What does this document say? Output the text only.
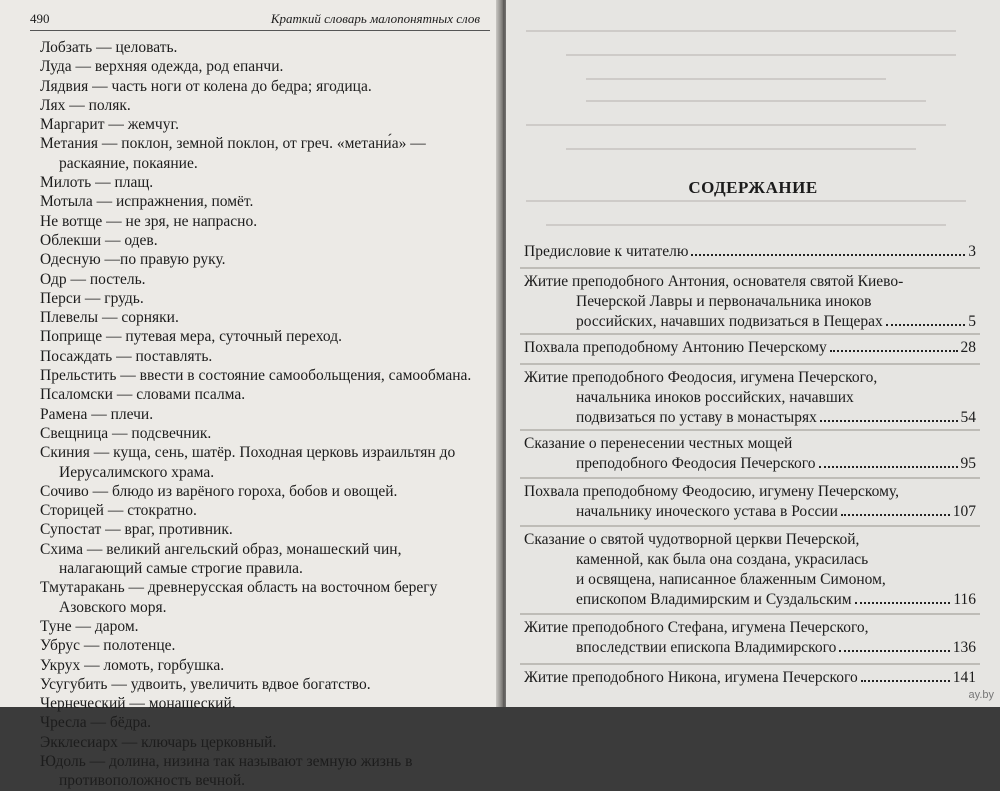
490	Краткий словарь малопонятных слов

Лобзать — целовать.

Луда — верхняя одежда, род епанчи.

Лядвия — часть ноги от колена до бедра; ягодица.

Лях — поляк.

Маргарит — жемчуг.

Метания — поклон, земной поклон, от греч. «метани́а» — раскаяние, покаяние.

Милоть — плащ.

Мотыла — испражнения, помёт.

Не вотще — не зря, не напрасно.

Облекши — одев.

Одесную —по правую руку.

Одр — постель.

Перси — грудь.

Плевелы — сорняки.

Поприще — путевая мера, суточный переход.

Посаждать — поставлять.

Прельстить — ввести в состояние самообольщения, самообмана.

Псаломски — словами псалма.

Рамена — плечи.

Свещница — подсвечник.

Скиния — куща, сень, шатёр. Походная церковь израильтян до Иерусалимского храма.

Сочиво — блюдо из варёного гороха, бобов и овощей.

Сторицей — стократно.

Супостат — враг, противник.

Схима — великий ангельский образ, монашеский чин, налагающий самые строгие правила.

Тмутаракань — древнерусская область на восточном берегу Азовского моря.

Туне — даром.

Убрус — полотенце.

Укрух — ломоть, горбушка.

Усугубить — удвоить, увеличить вдвое богатство.

Чернеческий — монашеский.

Чресла — бёдра.

Экклесиарх — ключарь церковный.

Юдоль — долина, низина так называют земную жизнь в противоположность вечной.

СОДЕРЖАНИЕ
Предисловие к читателю	3
Житие преподобного Антония, основателя святой Киево-
Печерской Лавры и первоначальника иноков
российских, начавших подвизаться в Пещерах	5
Похвала преподобному Антонию Печерскому	28
Житие преподобного Феодосия, игумена Печерского,
начальника иноков российских, начавших
подвизаться по уставу в монастырях	54
Сказание о перенесении честных мощей
преподобного Феодосия Печерского	95
Похвала преподобному Феодосию, игумену Печерскому,
начальнику иноческого устава в России	107
Сказание о святой чудотворной церкви Печерской,
каменной, как была она создана, украсилась
и освящена, написанное блаженным Симоном,
епископом Владимирским и Суздальским	116
Житие преподобного Стефана, игумена Печерского,
впоследствии епископа Владимирского	136
Житие преподобного Никона, игумена Печерского	141
ay.by
